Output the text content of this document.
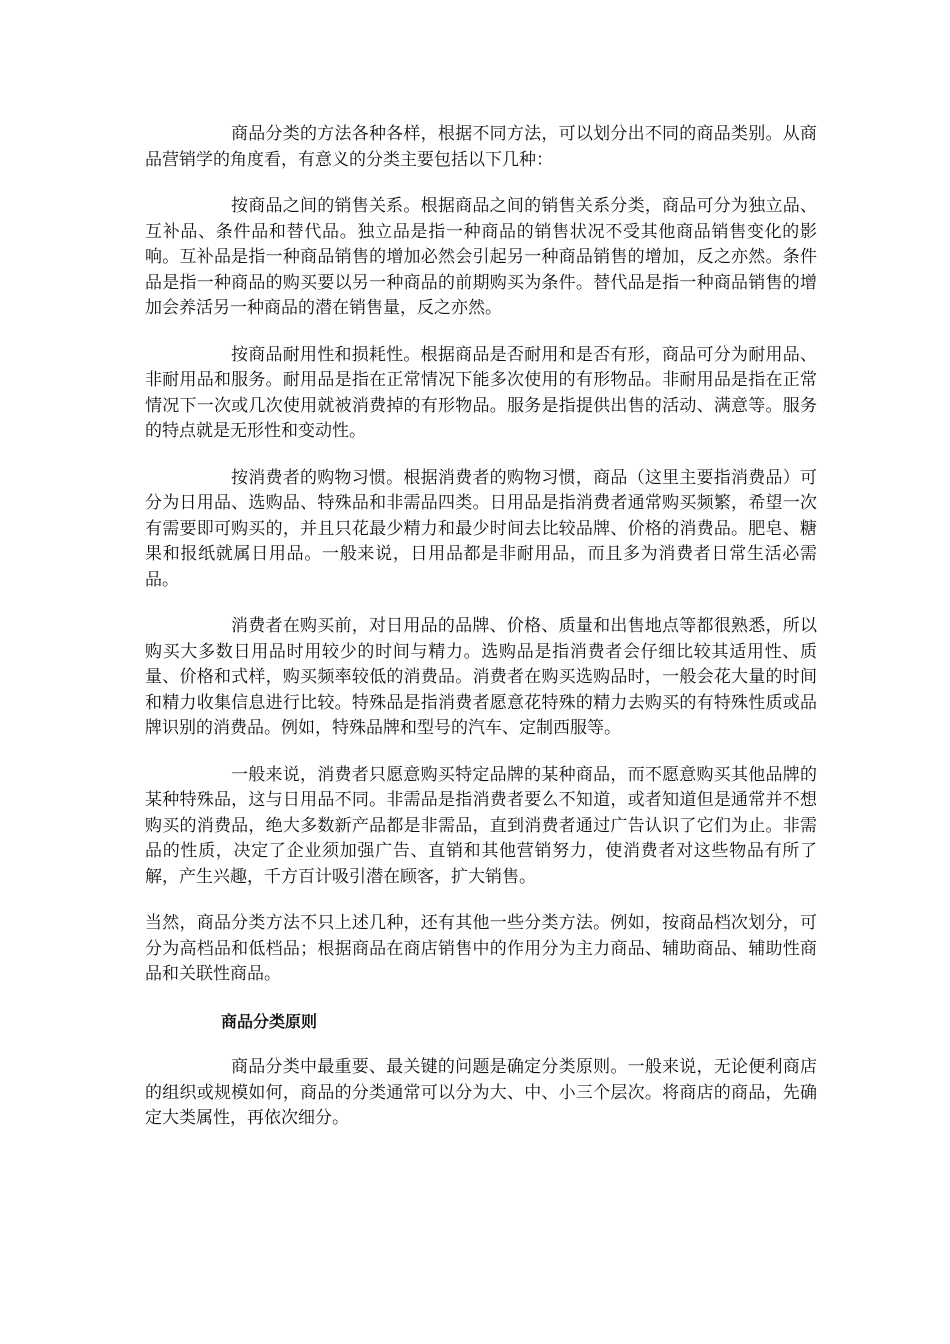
商品分类的方法各种各样，根据不同方法，可以划分出不同的商品类别。从商品营销学的角度看，有意义的分类主要包括以下几种：

按商品之间的销售关系。根据商品之间的销售关系分类，商品可分为独立品、互补品、条件品和替代品。独立品是指一种商品的销售状况不受其他商品销售变化的影响。互补品是指一种商品销售的增加必然会引起另一种商品销售的增加，反之亦然。条件品是指一种商品的购买要以另一种商品的前期购买为条件。替代品是指一种商品销售的增加会养活另一种商品的潜在销售量，反之亦然。

按商品耐用性和损耗性。根据商品是否耐用和是否有形，商品可分为耐用品、非耐用品和服务。耐用品是指在正常情况下能多次使用的有形物品。非耐用品是指在正常情况下一次或几次使用就被消费掉的有形物品。服务是指提供出售的活动、满意等。服务的特点就是无形性和变动性。

按消费者的购物习惯。根据消费者的购物习惯，商品（这里主要指消费品）可分为日用品、选购品、特殊品和非需品四类。日用品是指消费者通常购买频繁，希望一次有需要即可购买的，并且只花最少精力和最少时间去比较品牌、价格的消费品。肥皂、糖果和报纸就属日用品。一般来说，日用品都是非耐用品，而且多为消费者日常生活必需品。

消费者在购买前，对日用品的品牌、价格、质量和出售地点等都很熟悉，所以购买大多数日用品时用较少的时间与精力。选购品是指消费者会仔细比较其适用性、质量、价格和式样，购买频率较低的消费品。消费者在购买选购品时，一般会花大量的时间和精力收集信息进行比较。特殊品是指消费者愿意花特殊的精力去购买的有特殊性质或品牌识别的消费品。例如，特殊品牌和型号的汽车、定制西服等。

一般来说，消费者只愿意购买特定品牌的某种商品，而不愿意购买其他品牌的某种特殊品，这与日用品不同。非需品是指消费者要么不知道，或者知道但是通常并不想购买的消费品，绝大多数新产品都是非需品，直到消费者通过广告认识了它们为止。非需品的性质，决定了企业须加强广告、直销和其他营销努力，使消费者对这些物品有所了解，产生兴趣，千方百计吸引潜在顾客，扩大销售。

当然，商品分类方法不只上述几种，还有其他一些分类方法。例如，按商品档次划分，可分为高档品和低档品；根据商品在商店销售中的作用分为主力商品、辅助商品、辅助性商品和关联性商品。

商品分类原则

商品分类中最重要、最关键的问题是确定分类原则。一般来说，无论便利商店的组织或规模如何，商品的分类通常可以分为大、中、小三个层次。将商店的商品，先确定大类属性，再依次细分。
